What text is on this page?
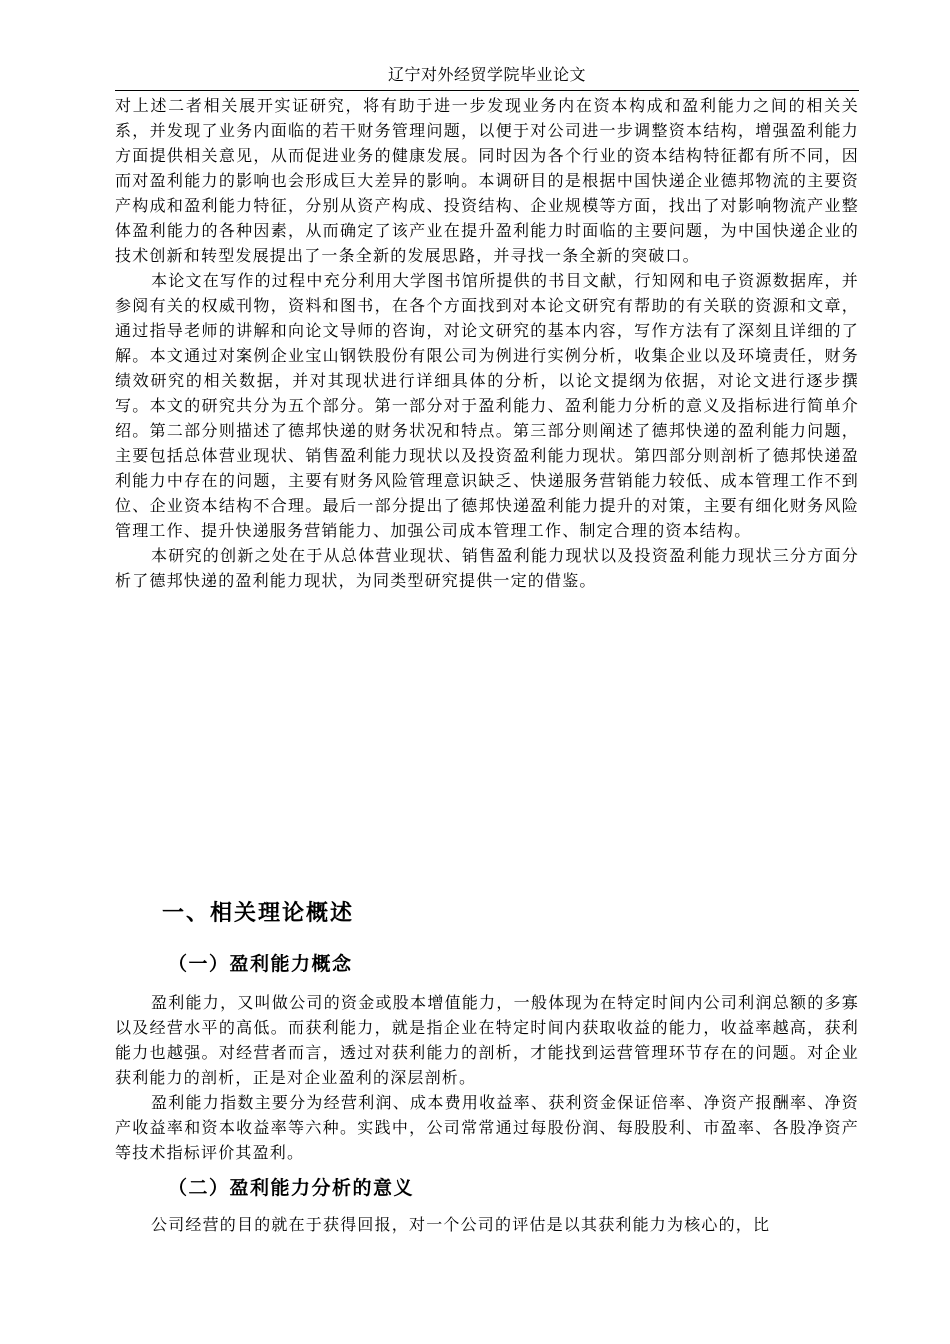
辽宁对外经贸学院毕业论文

对上述二者相关展开实证研究，将有助于进一步发现业务内在资本构成和盈利能力之间的相关关系，并发现了业务内面临的若干财务管理问题，以便于对公司进一步调整资本结构，增强盈利能力方面提供相关意见，从而促进业务的健康发展。同时因为各个行业的资本结构特征都有所不同，因而对盈利能力的影响也会形成巨大差异的影响。本调研目的是根据中国快递企业德邦物流的主要资产构成和盈利能力特征，分别从资产构成、投资结构、企业规模等方面，找出了对影响物流产业整体盈利能力的各种因素，从而确定了该产业在提升盈利能力时面临的主要问题，为中国快递企业的技术创新和转型发展提出了一条全新的发展思路，并寻找一条全新的突破口。

本论文在写作的过程中充分利用大学图书馆所提供的书目文献，行知网和电子资源数据库，并参阅有关的权威刊物，资料和图书，在各个方面找到对本论文研究有帮助的有关联的资源和文章，通过指导老师的讲解和向论文导师的咨询，对论文研究的基本内容，写作方法有了深刻且详细的了解。本文通过对案例企业宝山钢铁股份有限公司为例进行实例分析，收集企业以及环境责任，财务绩效研究的相关数据，并对其现状进行详细具体的分析，以论文提纲为依据，对论文进行逐步撰写。本文的研究共分为五个部分。第一部分对于盈利能力、盈利能力分析的意义及指标进行简单介绍。第二部分则描述了德邦快递的财务状况和特点。第三部分则阐述了德邦快递的盈利能力问题，主要包括总体营业现状、销售盈利能力现状以及投资盈利能力现状。第四部分则剖析了德邦快递盈利能力中存在的问题，主要有财务风险管理意识缺乏、快递服务营销能力较低、成本管理工作不到位、企业资本结构不合理。最后一部分提出了德邦快递盈利能力提升的对策，主要有细化财务风险管理工作、提升快递服务营销能力、加强公司成本管理工作、制定合理的资本结构。

本研究的创新之处在于从总体营业现状、销售盈利能力现状以及投资盈利能力现状三分方面分析了德邦快递的盈利能力现状，为同类型研究提供一定的借鉴。

一、相关理论概述
（一）盈利能力概念

盈利能力，又叫做公司的资金或股本增值能力，一般体现为在特定时间内公司利润总额的多寡以及经营水平的高低。而获利能力，就是指企业在特定时间内获取收益的能力，收益率越高，获利能力也越强。对经营者而言，透过对获利能力的剖析，才能找到运营管理环节存在的问题。对企业获利能力的剖析，正是对企业盈利的深层剖析。

盈利能力指数主要分为经营利润、成本费用收益率、获利资金保证倍率、净资产报酬率、净资产收益率和资本收益率等六种。实践中，公司常常通过每股份润、每股股利、市盈率、各股净资产等技术指标评价其盈利。

（二）盈利能力分析的意义

公司经营的目的就在于获得回报，对一个公司的评估是以其获利能力为核心的，比
